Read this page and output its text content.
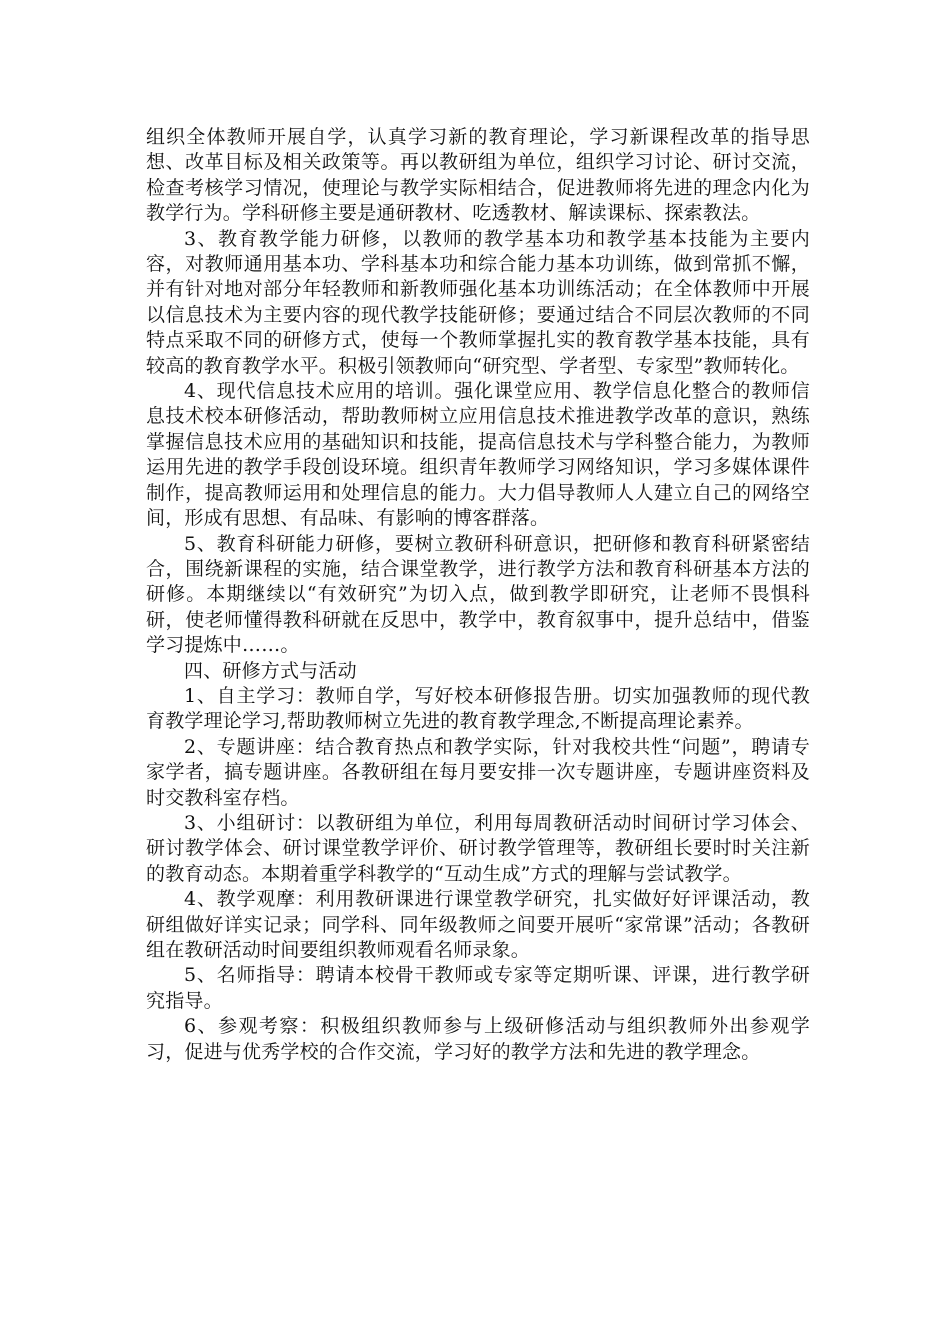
组织全体教师开展自学，认真学习新的教育理论，学习新课程改革的指导思想、改革目标及相关政策等。再以教研组为单位，组织学习讨论、研讨交流，检查考核学习情况，使理论与教学实际相结合，促进教师将先进的理念内化为教学行为。学科研修主要是通研教材、吃透教材、解读课标、探索教法。

3、教育教学能力研修，以教师的教学基本功和教学基本技能为主要内容，对教师通用基本功、学科基本功和综合能力基本功训练，做到常抓不懈，并有针对地对部分年轻教师和新教师强化基本功训练活动；在全体教师中开展以信息技术为主要内容的现代教学技能研修；要通过结合不同层次教师的不同特点采取不同的研修方式，使每一个教师掌握扎实的教育教学基本技能，具有较高的教育教学水平。积极引领教师向“研究型、学者型、专家型”教师转化。

4、现代信息技术应用的培训。强化课堂应用、教学信息化整合的教师信息技术校本研修活动，帮助教师树立应用信息技术推进教学改革的意识，熟练掌握信息技术应用的基础知识和技能，提高信息技术与学科整合能力，为教师运用先进的教学手段创设环境。组织青年教师学习网络知识，学习多媒体课件制作，提高教师运用和处理信息的能力。大力倡导教师人人建立自己的网络空间，形成有思想、有品味、有影响的博客群落。

5、教育科研能力研修，要树立教研科研意识，把研修和教育科研紧密结合，围绕新课程的实施，结合课堂教学，进行教学方法和教育科研基本方法的研修。本期继续以“有效研究”为切入点，做到教学即研究，让老师不畏惧科研，使老师懂得教科研就在反思中，教学中，教育叙事中，提升总结中，借鉴学习提炼中……。

四、研修方式与活动

1、自主学习：教师自学，写好校本研修报告册。切实加强教师的现代教育教学理论学习,帮助教师树立先进的教育教学理念,不断提高理论素养。

2、专题讲座：结合教育热点和教学实际，针对我校共性“问题”，聘请专家学者，搞专题讲座。各教研组在每月要安排一次专题讲座，专题讲座资料及时交教科室存档。

3、小组研讨：以教研组为单位，利用每周教研活动时间研讨学习体会、研讨教学体会、研讨课堂教学评价、研讨教学管理等，教研组长要时时关注新的教育动态。本期着重学科教学的“互动生成”方式的理解与尝试教学。

4、教学观摩：利用教研课进行课堂教学研究，扎实做好好评课活动，教研组做好详实记录；同学科、同年级教师之间要开展听“家常课”活动；各教研组在教研活动时间要组织教师观看名师录象。

5、名师指导：聘请本校骨干教师或专家等定期听课、评课，进行教学研究指导。

6、参观考察：积极组织教师参与上级研修活动与组织教师外出参观学习，促进与优秀学校的合作交流，学习好的教学方法和先进的教学理念。
